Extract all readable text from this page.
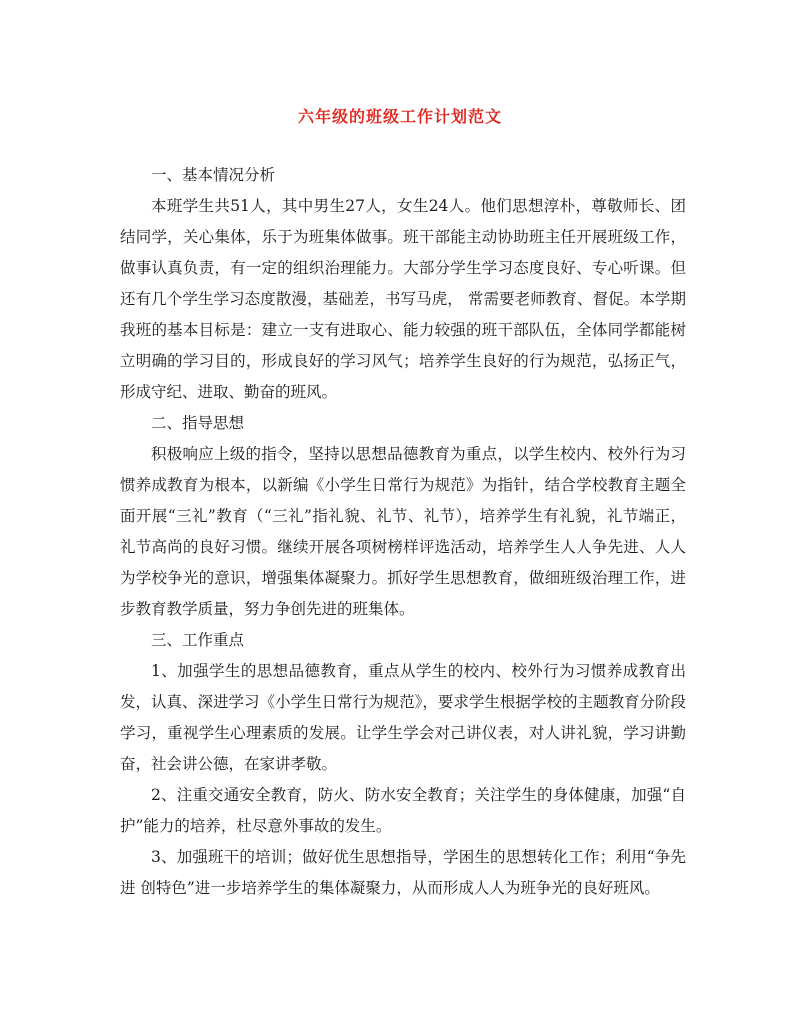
六年级的班级工作计划范文

一、基本情况分析

本班学生共51人，其中男生27人，女生24人。他们思想淳朴，尊敬师长、团结同学，关心集体，乐于为班集体做事。班干部能主动协助班主任开展班级工作，做事认真负责，有一定的组织治理能力。大部分学生学习态度良好、专心听课。但还有几个学生学习态度散漫，基础差，书写马虎， 常需要老师教育、督促。本学期我班的基本目标是：建立一支有进取心、能力较强的班干部队伍，全体同学都能树立明确的学习目的，形成良好的学习风气；培养学生良好的行为规范，弘扬正气，形成守纪、进取、勤奋的班风。

二、指导思想

积极响应上级的指令，坚持以思想品德教育为重点，以学生校内、校外行为习惯养成教育为根本，以新编《小学生日常行为规范》为指针，结合学校教育主题全面开展“三礼”教育（“三礼”指礼貌、礼节、礼节），培养学生有礼貌，礼节端正，礼节高尚的良好习惯。继续开展各项树榜样评选活动，培养学生人人争先进、人人为学校争光的意识，增强集体凝聚力。抓好学生思想教育，做细班级治理工作，进步教育教学质量，努力争创先进的班集体。

三、工作重点

1、加强学生的思想品德教育，重点从学生的校内、校外行为习惯养成教育出发，认真、深进学习《小学生日常行为规范》，要求学生根据学校的主题教育分阶段学习，重视学生心理素质的发展。让学生学会对己讲仪表，对人讲礼貌，学习讲勤奋，社会讲公德，在家讲孝敬。

2、注重交通安全教育，防火、防水安全教育；关注学生的身体健康，加强“自护”能力的培养，杜尽意外事故的发生。

3、加强班干的培训；做好优生思想指导，学困生的思想转化工作；利用“争先进 创特色”进一步培养学生的集体凝聚力，从而形成人人为班争光的良好班风。
